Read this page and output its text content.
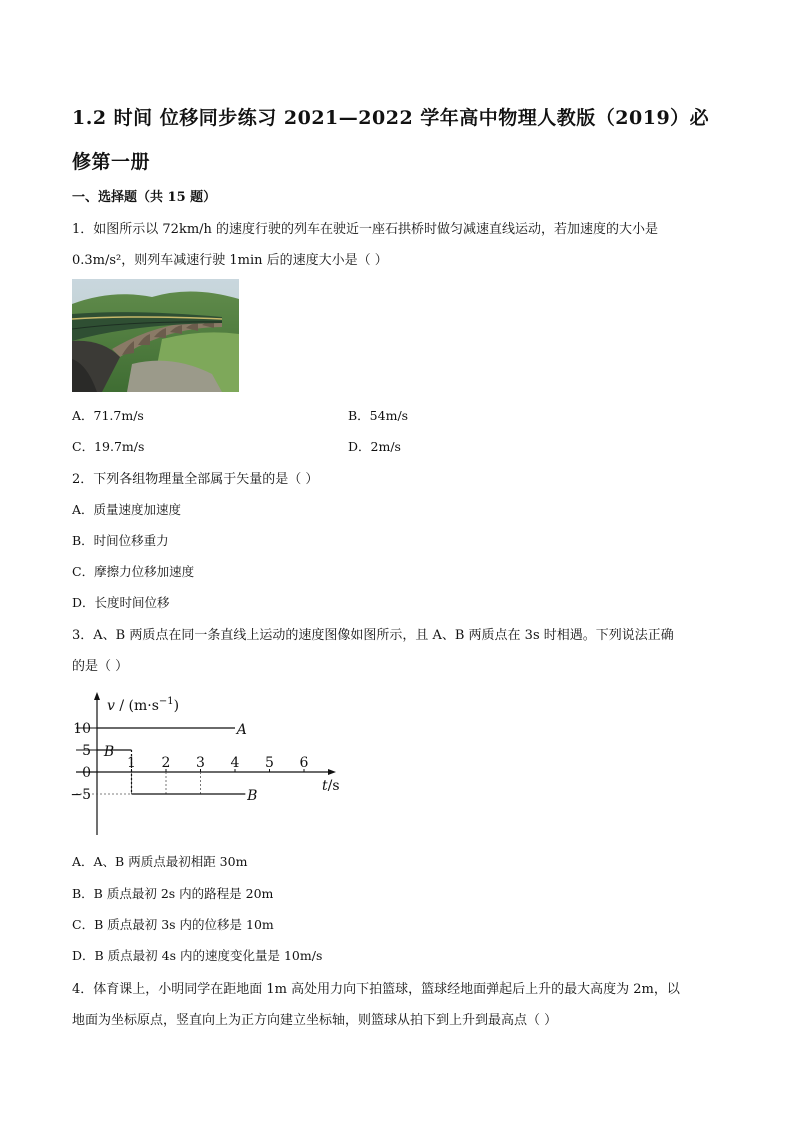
1.2 时间 位移同步练习 2021—2022 学年高中物理人教版（2019）必
修第一册
一、选择题（共 15 题）
1．如图所示以 72km/h 的速度行驶的列车在驶近一座石拱桥时做匀减速直线运动，若加速度的大小是
0.3m/s²，则列车减速行驶 1min 后的速度大小是（ ）
A．71.7m/s	B．54m/s
C．19.7m/s	D．2m/s
2．下列各组物理量全部属于矢量的是（ ）
A．质量速度加速度
B．时间位移重力
C．摩擦力位移加速度
D．长度时间位移
3．A、B 两质点在同一条直线上运动的速度图像如图所示，且 A、B 两质点在 3s 时相遇。下列说法正确
的是（ ）
1 2 3 4 5 6
10
5
0
−5
A
B
B
$v / (m\cdot s^{-1})$
t/s
A．A、B 两质点最初相距 30m
B．B 质点最初 2s 内的路程是 20m
C．B 质点最初 3s 内的位移是 10m
D．B 质点最初 4s 内的速度变化量是 10m/s
4．体育课上，小明同学在距地面 1m 高处用力向下拍篮球，篮球经地面弹起后上升的最大高度为 2m，以
地面为坐标原点，竖直向上为正方向建立坐标轴，则篮球从拍下到上升到最高点（ ）
